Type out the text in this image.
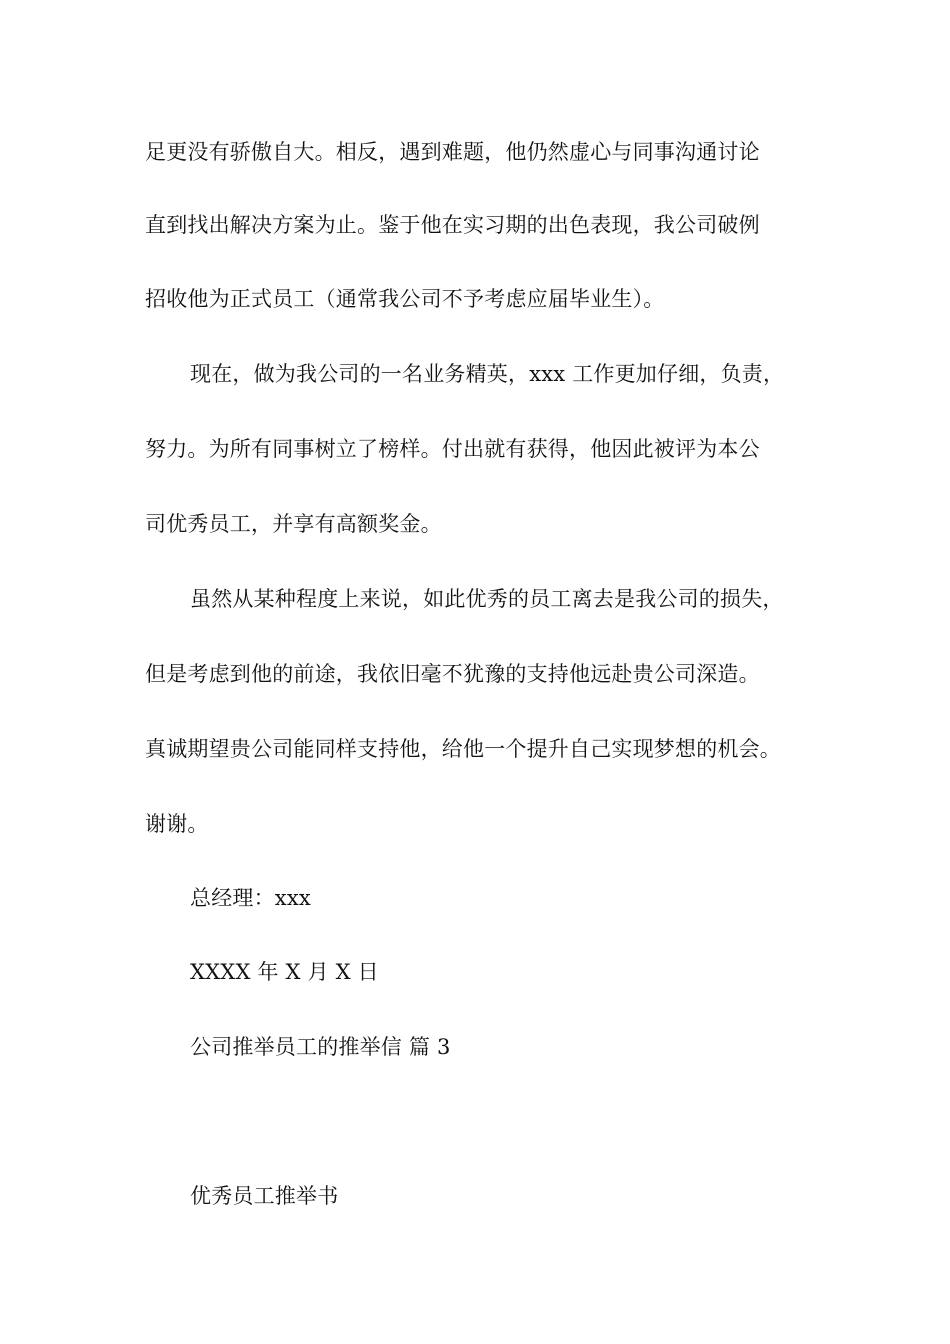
足更没有骄傲自大。相反，遇到难题，他仍然虚心与同事沟通讨论
直到找出解决方案为止。鉴于他在实习期的出色表现，我公司破例
招收他为正式员工（通常我公司不予考虑应届毕业生）。
现在，做为我公司的一名业务精英，xxx 工作更加仔细，负责，
努力。为所有同事树立了榜样。付出就有获得，他因此被评为本公
司优秀员工，并享有高额奖金。
虽然从某种程度上来说，如此优秀的员工离去是我公司的损失，
但是考虑到他的前途，我依旧毫不犹豫的支持他远赴贵公司深造。
真诚期望贵公司能同样支持他，给他一个提升自己实现梦想的机会。
谢谢。
总经理：xxx
XXXX 年 X 月 X 日
公司推举员工的推举信 篇 3
优秀员工推举书
